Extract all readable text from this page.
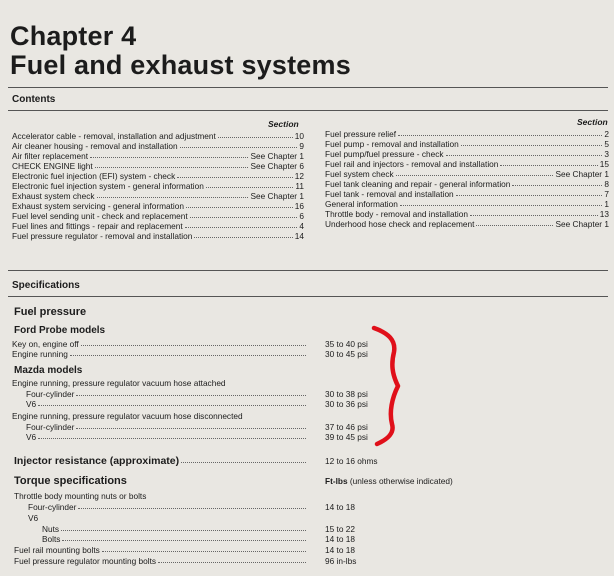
Chapter 4
Fuel and exhaust systems
Contents
Section	Section
Accelerator cable - removal, installation and adjustment	10
Air cleaner housing - removal and installation	9
Air filter replacement	See Chapter 1
CHECK ENGINE light	See Chapter 6
Electronic fuel injection (EFI) system - check	12
Electronic fuel injection system - general information	11
Exhaust system check	See Chapter 1
Exhaust system servicing - general information	16
Fuel level sending unit - check and replacement	6
Fuel lines and fittings - repair and replacement	4
Fuel pressure regulator - removal and installation	14
Fuel pressure relief	2
Fuel pump - removal and installation	5
Fuel pump/fuel pressure - check	3
Fuel rail and injectors - removal and installation	15
Fuel system check	See Chapter 1
Fuel tank cleaning and repair - general information	8
Fuel tank - removal and installation	7
General information	1
Throttle body - removal and installation	13
Underhood hose check and replacement	See Chapter 1
Specifications
Fuel pressure
Ford Probe models
Key on, engine off	35 to 40 psi
Engine running	30 to 45 psi
Mazda models
Engine running, pressure regulator vacuum hose attached
Four-cylinder	30 to 38 psi
V6	30 to 36 psi
Engine running, pressure regulator vacuum hose disconnected
Four-cylinder	37 to 46 psi
V6	39 to 45 psi
Injector resistance (approximate)	12 to 16 ohms
Torque specifications	Ft-lbs (unless otherwise indicated)
Throttle body mounting nuts or bolts
Four-cylinder	14 to 18
V6
Nuts	15 to 22
Bolts	14 to 18
Fuel rail mounting bolts	14 to 18
Fuel pressure regulator mounting bolts	96 in-lbs
